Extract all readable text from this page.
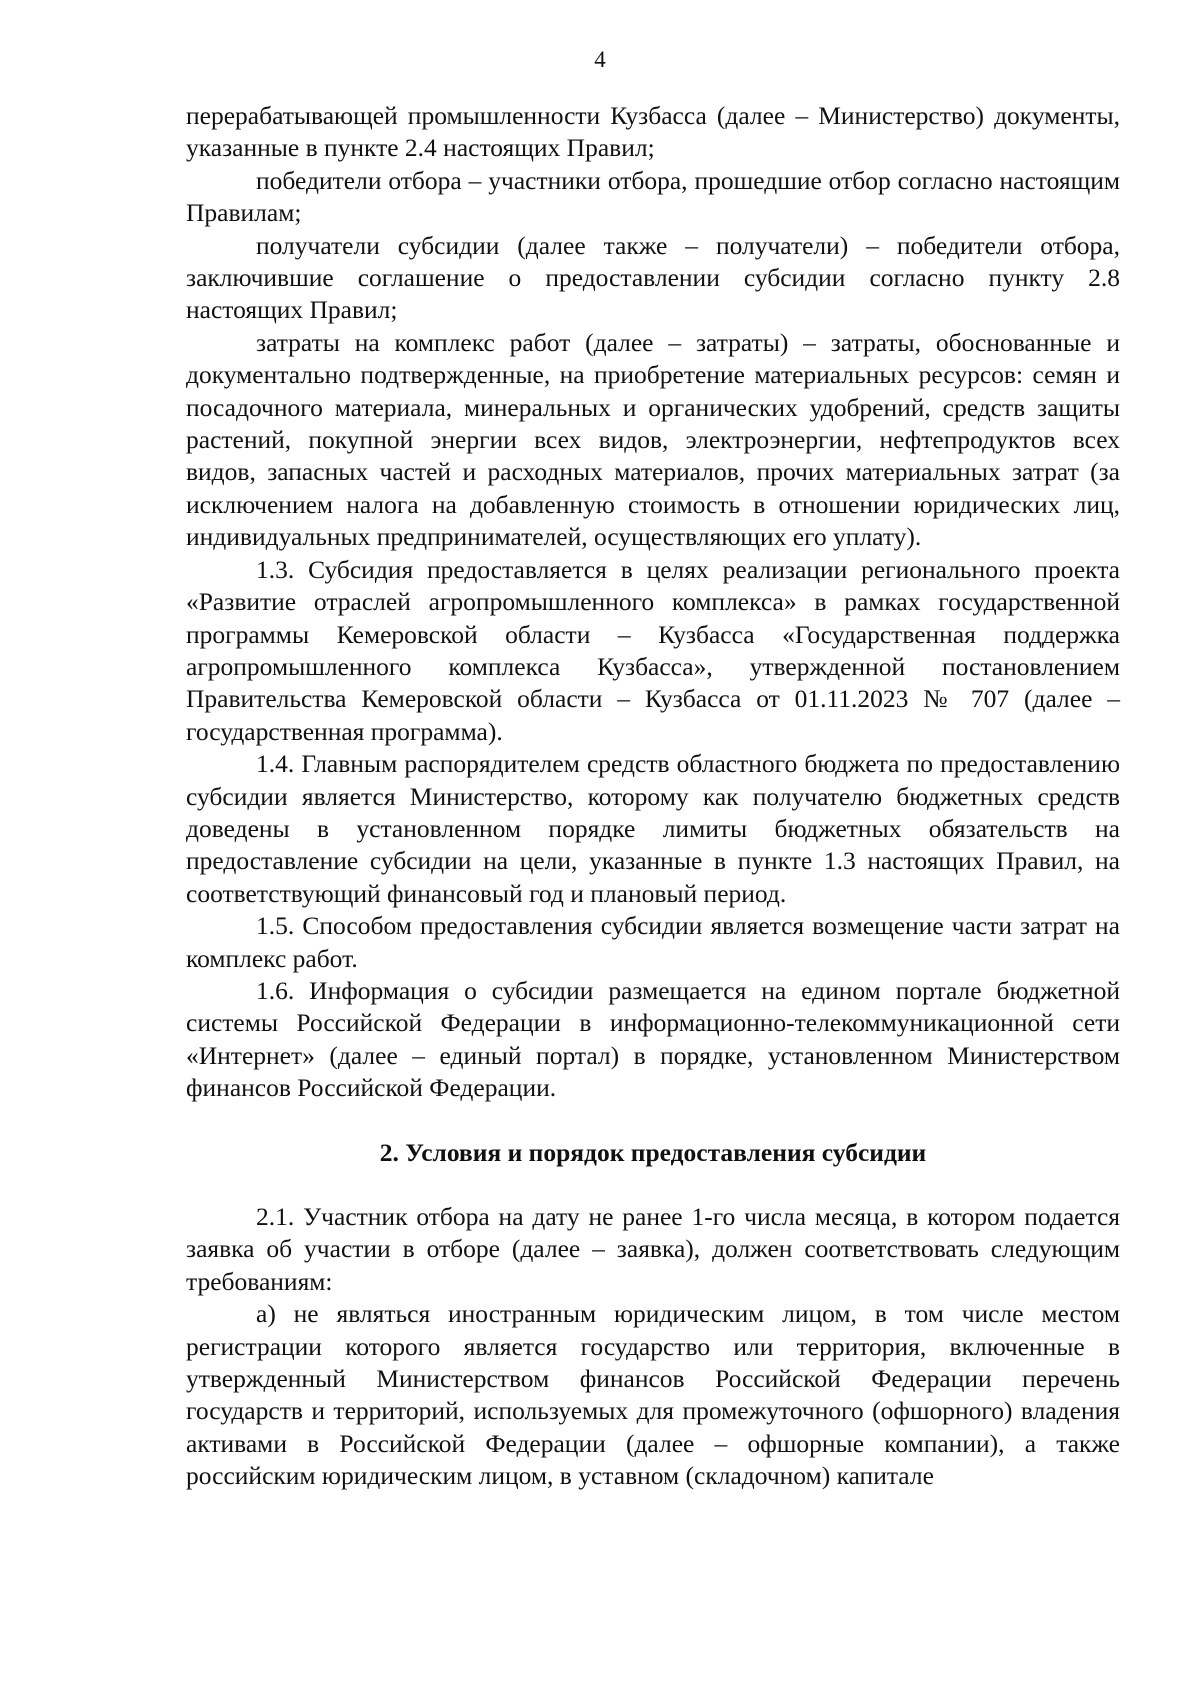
4

перерабатывающей промышленности Кузбасса (далее – Министерство) документы, указанные в пункте 2.4 настоящих Правил;

победители отбора – участники отбора, прошедшие отбор согласно настоящим Правилам;

получатели субсидии (далее также – получатели) – победители отбора, заключившие соглашение о предоставлении субсидии согласно пункту 2.8 настоящих Правил;

затраты на комплекс работ (далее – затраты) – затраты, обоснованные и документально подтвержденные, на приобретение материальных ресурсов: семян и посадочного материала, минеральных и органических удобрений, средств защиты растений, покупной энергии всех видов, электроэнергии, нефтепродуктов всех видов, запасных частей и расходных материалов, прочих материальных затрат (за исключением налога на добавленную стоимость в отношении юридических лиц, индивидуальных предпринимателей, осуществляющих его уплату).

1.3. Субсидия предоставляется в целях реализации регионального проекта «Развитие отраслей агропромышленного комплекса» в рамках государственной программы Кемеровской области – Кузбасса «Государственная поддержка агропромышленного комплекса Кузбасса», утвержденной постановлением Правительства Кемеровской области – Кузбасса от 01.11.2023 № 707 (далее – государственная программа).

1.4. Главным распорядителем средств областного бюджета по предоставлению субсидии является Министерство, которому как получателю бюджетных средств доведены в установленном порядке лимиты бюджетных обязательств на предоставление субсидии на цели, указанные в пункте 1.3 настоящих Правил, на соответствующий финансовый год и плановый период.

1.5. Способом предоставления субсидии является возмещение части затрат на комплекс работ.

1.6. Информация о субсидии размещается на едином портале бюджетной системы Российской Федерации в информационно-телекоммуникационной сети «Интернет» (далее – единый портал) в порядке, установленном Министерством финансов Российской Федерации.

2. Условия и порядок предоставления субсидии

2.1. Участник отбора на дату не ранее 1-го числа месяца, в котором подается заявка об участии в отборе (далее – заявка), должен соответствовать следующим требованиям:

а) не являться иностранным юридическим лицом, в том числе местом регистрации которого является государство или территория, включенные в утвержденный Министерством финансов Российской Федерации перечень государств и территорий, используемых для промежуточного (офшорного) владения активами в Российской Федерации (далее – офшорные компании), а также российским юридическим лицом, в уставном (складочном) капитале
